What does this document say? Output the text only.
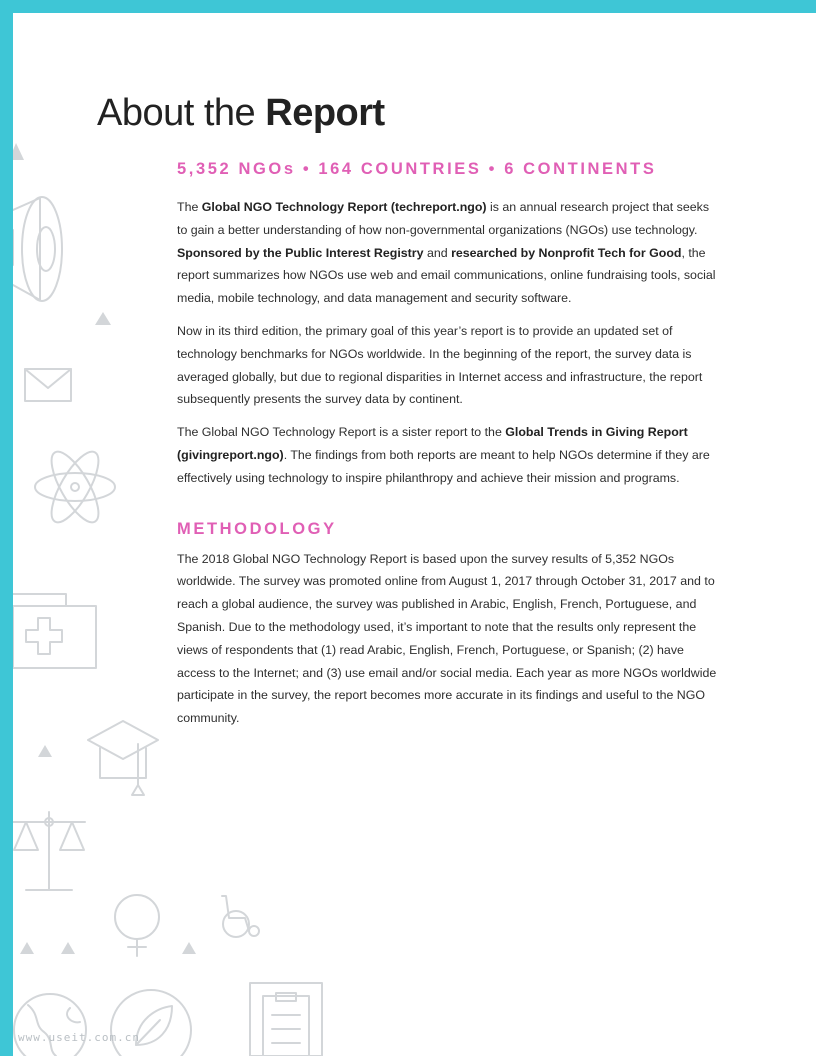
About the Report
5,352 NGOs • 164 COUNTRIES • 6 CONTINENTS

The Global NGO Technology Report (techreport.ngo) is an annual research project that seeks to gain a better understanding of how non-governmental organizations (NGOs) use technology. Sponsored by the Public Interest Registry and researched by Nonprofit Tech for Good, the report summarizes how NGOs use web and email communications, online fundraising tools, social media, mobile technology, and data management and security software.

Now in its third edition, the primary goal of this year’s report is to provide an updated set of technology benchmarks for NGOs worldwide. In the beginning of the report, the survey data is averaged globally, but due to regional disparities in Internet access and infrastructure, the report subsequently presents the survey data by continent.

The Global NGO Technology Report is a sister report to the Global Trends in Giving Report (givingreport.ngo). The findings from both reports are meant to help NGOs determine if they are effectively using technology to inspire philanthropy and achieve their mission and programs.

METHODOLOGY

The 2018 Global NGO Technology Report is based upon the survey results of 5,352 NGOs worldwide. The survey was promoted online from August 1, 2017 through October 31, 2017 and to reach a global audience, the survey was published in Arabic, English, French, Portuguese, and Spanish. Due to the methodology used, it’s important to note that the results only represent the views of respondents that (1) read Arabic, English, French, Portuguese, or Spanish; (2) have access to the Internet; and (3) use email and/or social media. Each year as more NGOs worldwide participate in the survey, the report becomes more accurate in its findings and useful to the NGO community.

www.useit.com.cn
